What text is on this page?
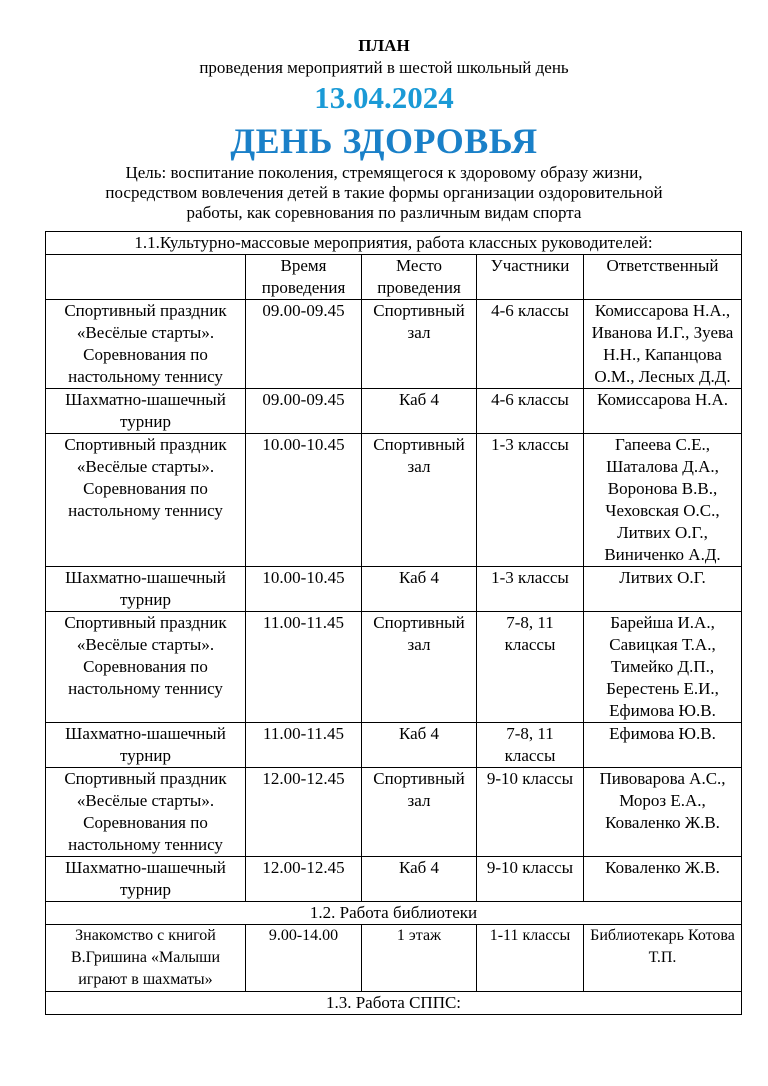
ПЛАН
проведения мероприятий в шестой школьный день
13.04.2024
ДЕНЬ ЗДОРОВЬЯ
Цель: воспитание поколения, стремящегося к здоровому образу жизни, посредством вовлечения детей в такие формы организации оздоровительной работы, как соревнования по различным видам спорта
1.1.Культурно-массовые мероприятия, работа классных руководителей:				
	Время проведения	Место проведения	Участники	Ответственный
Спортивный праздник «Весёлые старты». Соревнования по настольному теннису	09.00-09.45	Спортивный зал	4-6 классы	Комиссарова Н.А., Иванова И.Г., Зуева Н.Н., Капанцова О.М., Лесных Д.Д.
Шахматно-шашечный турнир	09.00-09.45	Каб 4	4-6 классы	Комиссарова Н.А.
Спортивный праздник «Весёлые старты». Соревнования по настольному теннису	10.00-10.45	Спортивный зал	1-3 классы	Гапеева С.Е., Шаталова Д.А., Воронова В.В., Чеховская О.С., Литвих О.Г., Виниченко А.Д.
Шахматно-шашечный турнир	10.00-10.45	Каб 4	1-3 классы	Литвих О.Г.
Спортивный праздник «Весёлые старты». Соревнования по настольному теннису	11.00-11.45	Спортивный зал	7-8, 11 классы	Барейша И.А., Савицкая Т.А., Тимейко Д.П., Берестень Е.И., Ефимова Ю.В.
Шахматно-шашечный турнир	11.00-11.45	Каб 4	7-8, 11 классы	Ефимова Ю.В.
Спортивный праздник «Весёлые старты». Соревнования по настольному теннису	12.00-12.45	Спортивный зал	9-10 классы	Пивоварова А.С., Мороз Е.А., Коваленко Ж.В.
Шахматно-шашечный турнир	12.00-12.45	Каб 4	9-10 классы	Коваленко Ж.В.
1.2. Работа библиотеки				
Знакомство с книгой В.Гришина «Малыши играют в шахматы»	9.00-14.00	1 этаж	1-11 классы	Библиотекарь Котова Т.П.
1.3. Работа СППС:				
